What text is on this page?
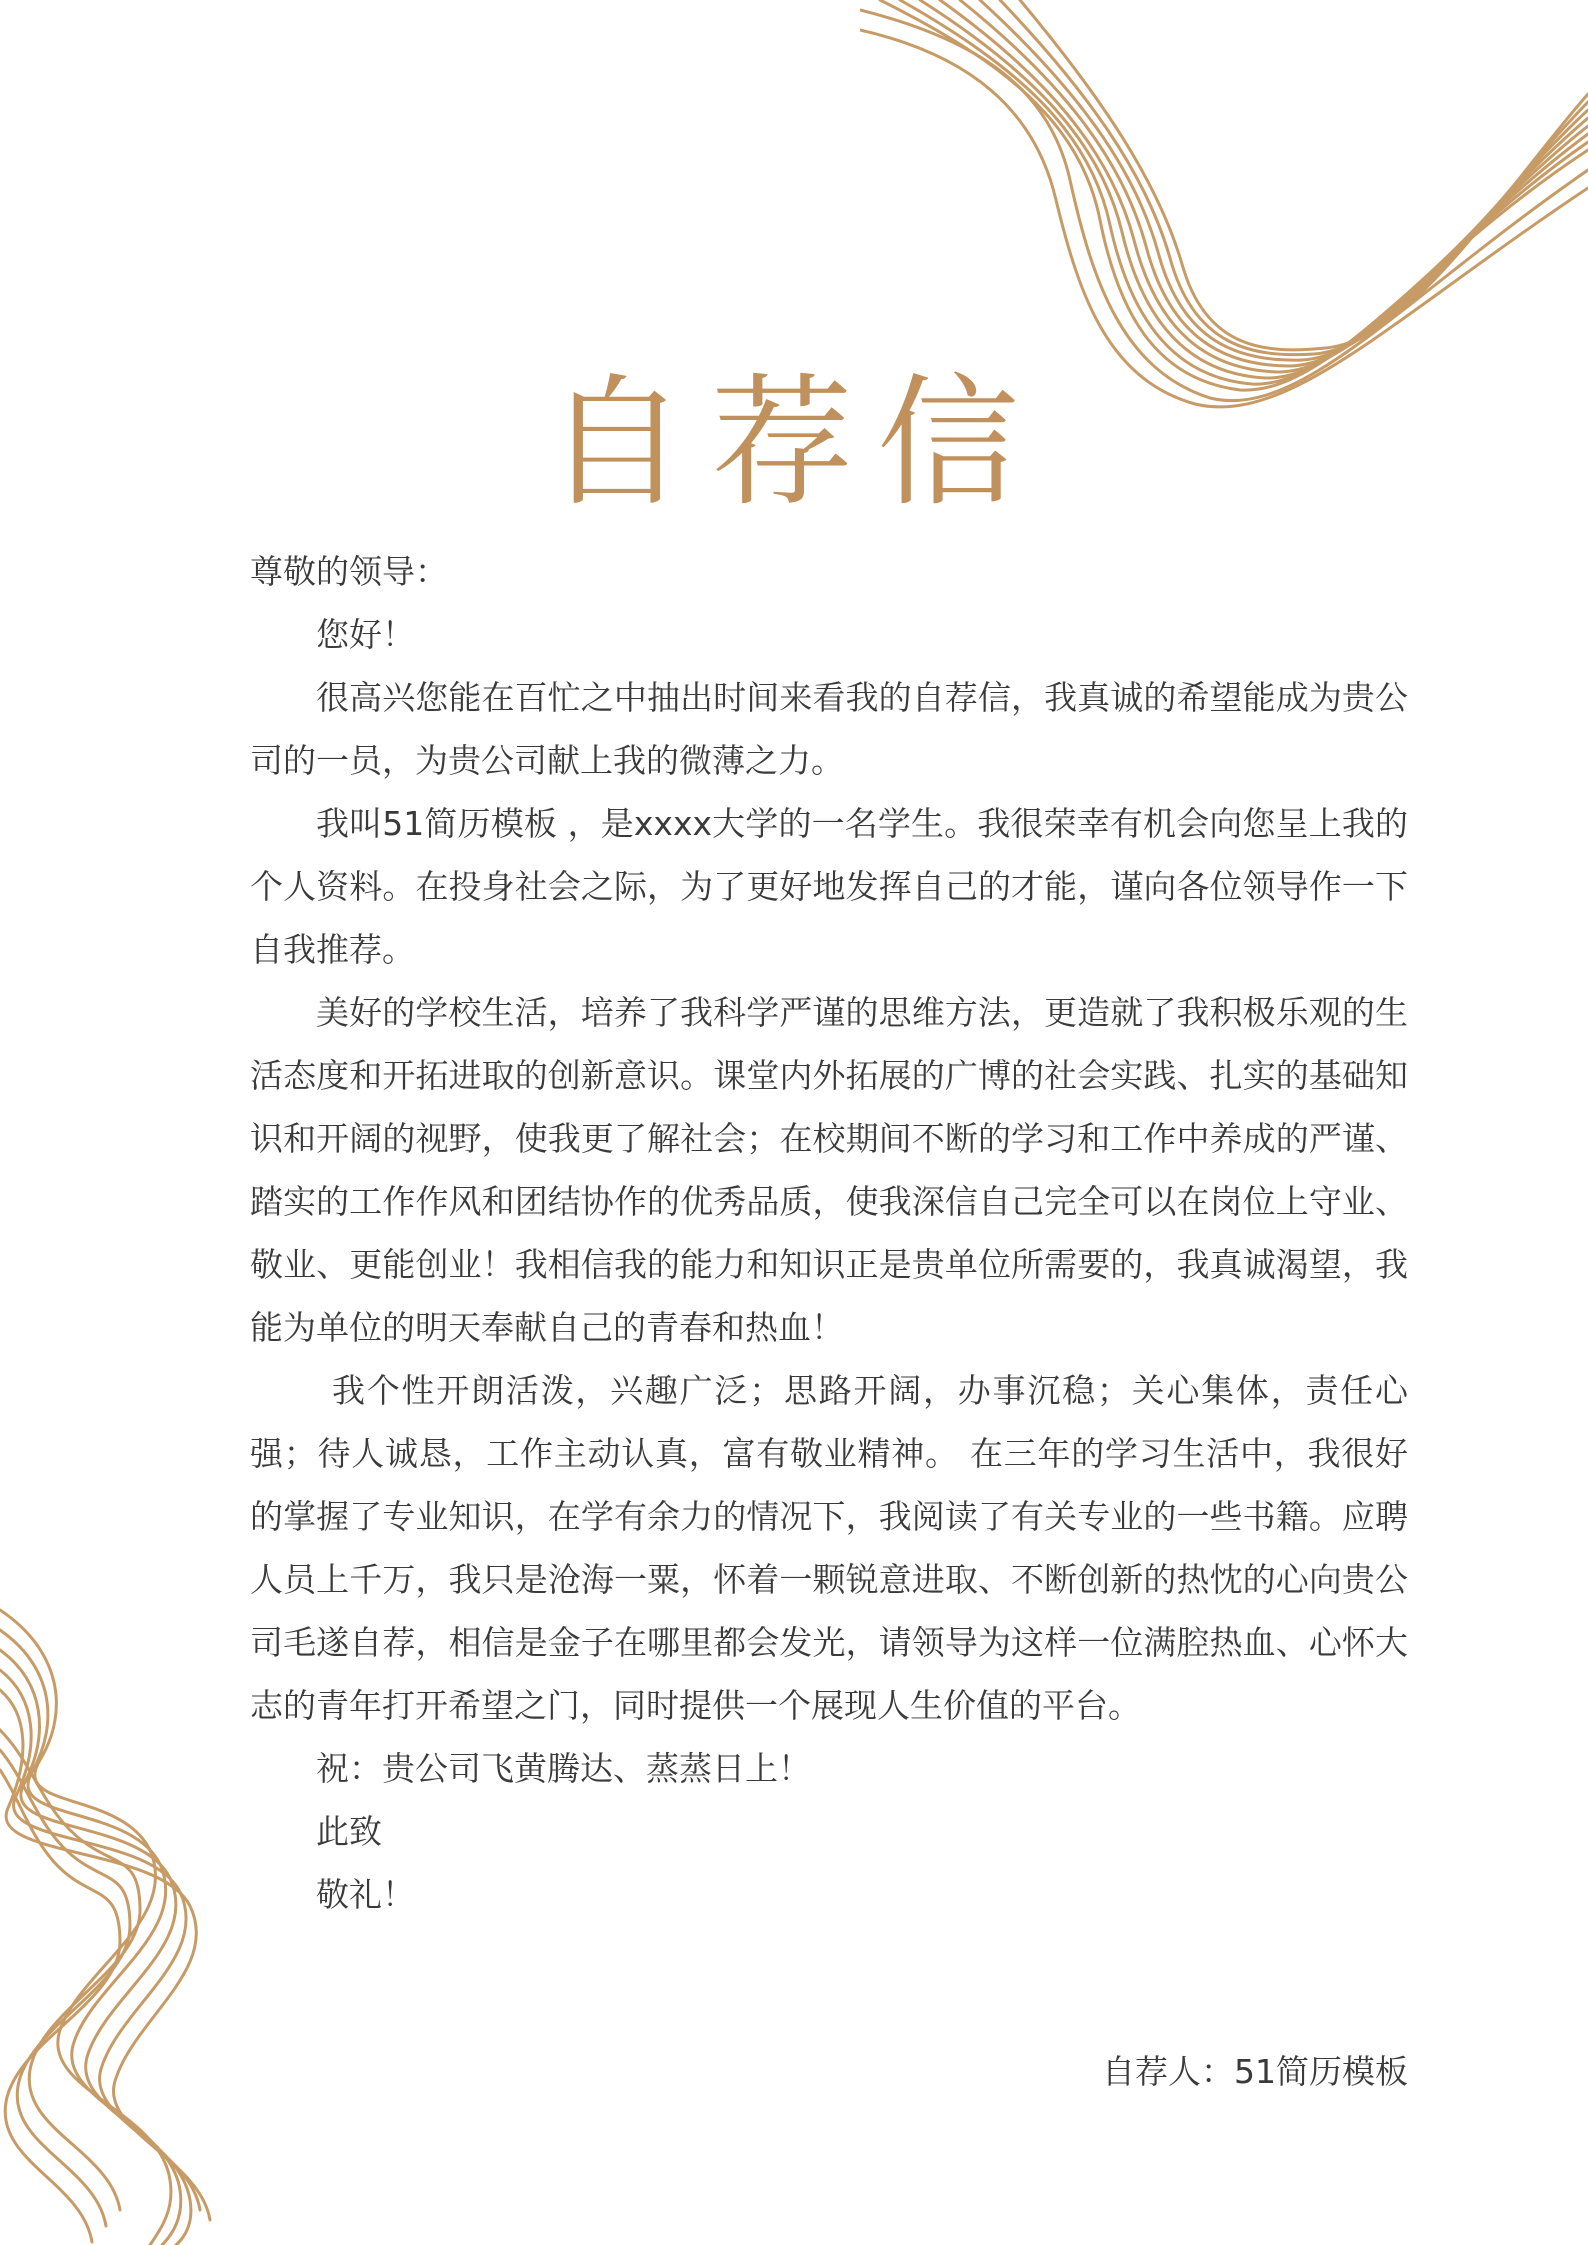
自荐信

尊敬的领导：

您好！

很高兴您能在百忙之中抽出时间来看我的自荐信，我真诚的希望能成为贵公司的一员，为贵公司献上我的微薄之力。

我叫51简历模板 ，是xxxx大学的一名学生。我很荣幸有机会向您呈上我的个人资料。在投身社会之际，为了更好地发挥自己的才能，谨向各位领导作一下自我推荐。

美好的学校生活，培养了我科学严谨的思维方法，更造就了我积极乐观的生活态度和开拓进取的创新意识。课堂内外拓展的广博的社会实践、扎实的基础知识和开阔的视野，使我更了解社会；在校期间不断的学习和工作中养成的严谨、踏实的工作作风和团结协作的优秀品质，使我深信自己完全可以在岗位上守业、敬业、更能创业！我相信我的能力和知识正是贵单位所需要的，我真诚渴望，我能为单位的明天奉献自己的青春和热血！

我个性开朗活泼，兴趣广泛；思路开阔，办事沉稳；关心集体，责任心强；待人诚恳，工作主动认真，富有敬业精神。 在三年的学习生活中，我很好的掌握了专业知识，在学有余力的情况下，我阅读了有关专业的一些书籍。应聘人员上千万，我只是沧海一粟，怀着一颗锐意进取、不断创新的热忱的心向贵公司毛遂自荐，相信是金子在哪里都会发光，请领导为这样一位满腔热血、心怀大志的青年打开希望之门，同时提供一个展现人生价值的平台。

祝：贵公司飞黄腾达、蒸蒸日上！

此致

敬礼！

自荐人：51简历模板
